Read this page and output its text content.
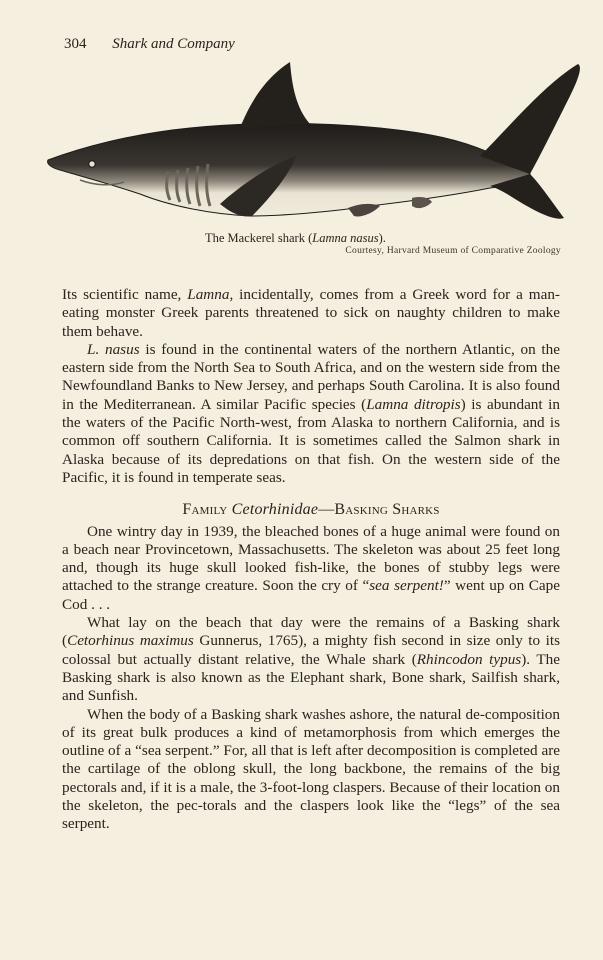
304 Shark and Company
The Mackerel shark (Lamna nasus).
Courtesy, Harvard Museum of Comparative Zoology

Its scientific name, Lamna, incidentally, comes from a Greek word for a man-eating monster Greek parents threatened to sick on naughty children to make them behave.

L. nasus is found in the continental waters of the northern Atlantic, on the eastern side from the North Sea to South Africa, and on the western side from the Newfoundland Banks to New Jersey, and perhaps South Carolina. It is also found in the Mediterranean. A similar Pacific species (Lamna ditropis) is abundant in the waters of the Pacific North-west, from Alaska to northern California, and is common off southern California. It is sometimes called the Salmon shark in Alaska because of its depredations on that fish. On the western side of the Pacific, it is found in temperate seas.

Family Cetorhinidae—Basking Sharks

One wintry day in 1939, the bleached bones of a huge animal were found on a beach near Provincetown, Massachusetts. The skeleton was about 25 feet long and, though its huge skull looked fish-like, the bones of stubby legs were attached to the strange creature. Soon the cry of “sea serpent!” went up on Cape Cod . . .

What lay on the beach that day were the remains of a Basking shark (Cetorhinus maximus Gunnerus, 1765), a mighty fish second in size only to its colossal but actually distant relative, the Whale shark (Rhincodon typus). The Basking shark is also known as the Elephant shark, Bone shark, Sailfish shark, and Sunfish.

When the body of a Basking shark washes ashore, the natural de-composition of its great bulk produces a kind of metamorphosis from which emerges the outline of a “sea serpent.” For, all that is left after decomposition is completed are the cartilage of the oblong skull, the long backbone, the remains of the big pectorals and, if it is a male, the 3-foot-long claspers. Because of their location on the skeleton, the pec-torals and the claspers look like the “legs” of the sea serpent.
